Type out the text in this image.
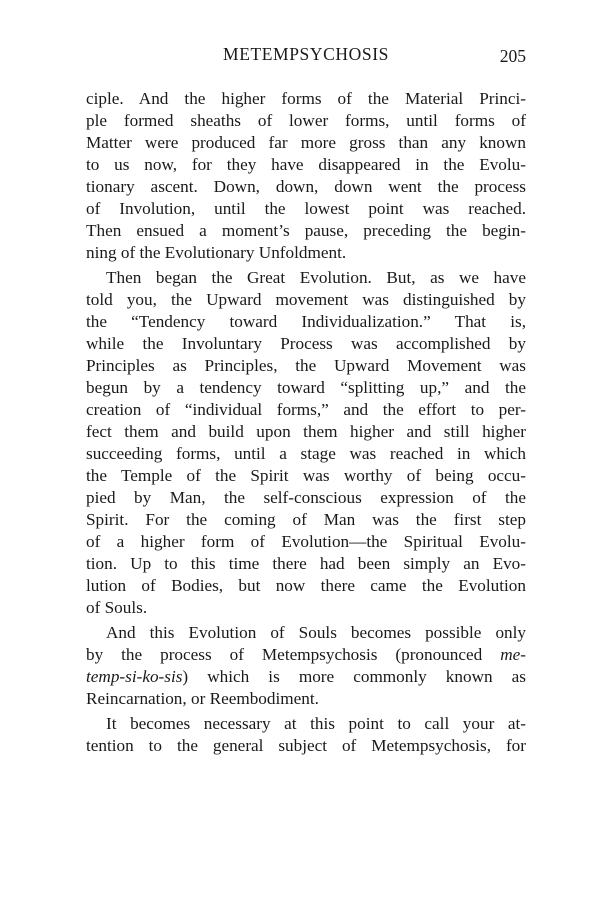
METEMPSYCHOSIS	205
ciple. And the higher forms of the Material Princi-
ple formed sheaths of lower forms, until forms of
Matter were produced far more gross than any known
to us now, for they have disappeared in the Evolu-
tionary ascent. Down, down, down went the process
of Involution, until the lowest point was reached.
Then ensued a moment’s pause, preceding the begin-
ning of the Evolutionary Unfoldment.
Then began the Great Evolution. But, as we have
told you, the Upward movement was distinguished by
the “Tendency toward Individualization.” That is,
while the Involuntary Process was accomplished by
Principles as Principles, the Upward Movement was
begun by a tendency toward “splitting up,” and the
creation of “individual forms,” and the effort to per-
fect them and build upon them higher and still higher
succeeding forms, until a stage was reached in which
the Temple of the Spirit was worthy of being occu-
pied by Man, the self-conscious expression of the
Spirit. For the coming of Man was the first step
of a higher form of Evolution—the Spiritual Evolu-
tion. Up to this time there had been simply an Evo-
lution of Bodies, but now there came the Evolution
of Souls.
And this Evolution of Souls becomes possible only
by the process of Metempsychosis (pronounced me-
temp-si-ko-sis) which is more commonly known as
Reincarnation, or Reembodiment.
It becomes necessary at this point to call your at-
tention to the general subject of Metempsychosis, for
